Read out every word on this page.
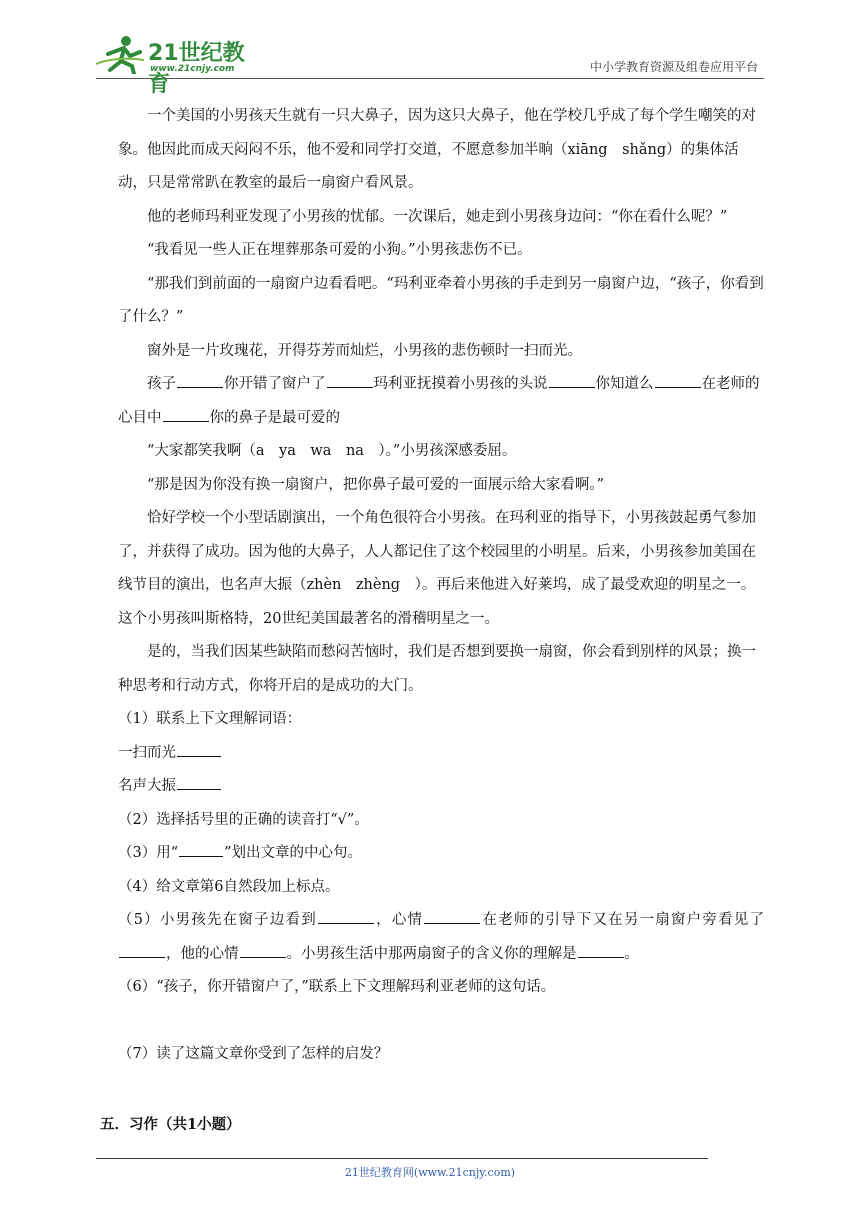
21世纪教育
www.21cnjy.com	中小学教育资源及组卷应用平台

一个美国的小男孩天生就有一只大鼻子，因为这只大鼻子，他在学校几乎成了每个学生嘲笑的对象。他因此而成天闷闷不乐，他不爱和同学打交道，不愿意参加半晌（xiāng　shǎng）的集体活动，只是常常趴在教室的最后一扇窗户看风景。

他的老师玛利亚发现了小男孩的忧郁。一次课后，她走到小男孩身边问：“你在看什么呢？”

“我看见一些人正在埋葬那条可爱的小狗。”小男孩悲伤不已。

“那我们到前面的一扇窗户边看看吧。“玛利亚牵着小男孩的手走到另一扇窗户边，“孩子，你看到了什么？”

窗外是一片玫瑰花，开得芬芳而灿烂，小男孩的悲伤顿时一扫而光。

孩子	你开错了窗户了	玛利亚抚摸着小男孩的头说	你知道么	在老师的心目中	你的鼻子是最可爱的

“大家都笑我啊（a　ya　wa　na　）。”小男孩深感委屈。

“那是因为你没有换一扇窗户，把你鼻子最可爱的一面展示给大家看啊。”

恰好学校一个小型话剧演出，一个角色很符合小男孩。在玛利亚的指导下，小男孩鼓起勇气参加了，并获得了成功。因为他的大鼻子，人人都记住了这个校园里的小明星。后来，小男孩参加美国在线节目的演出，也名声大振（zhèn　zhèng　）。再后来他进入好莱坞，成了最受欢迎的明星之一。这个小男孩叫斯格特，20世纪美国最著名的滑稽明星之一。

是的，当我们因某些缺陷而愁闷苦恼时，我们是否想到要换一扇窗，你会看到别样的风景；换一种思考和行动方式，你将开启的是成功的大门。

（1）联系上下文理解词语：

一扫而光

名声大振

（2）选择括号里的正确的读音打“√”。

（3）用“	”划出文章的中心句。

（4）给文章第6自然段加上标点。

（5）小男孩先在窗子边看到	，心情	在老师的引导下又在另一扇窗户旁看见了，他的心情	。小男孩生活中那两扇窗子的含义你的理解是	。

（6）“孩子，你开错窗户了，”联系上下文理解玛利亚老师的这句话。

（7）读了这篇文章你受到了怎样的启发？

五．习作（共1小题）
21世纪教育网(www.21cnjy.com)
